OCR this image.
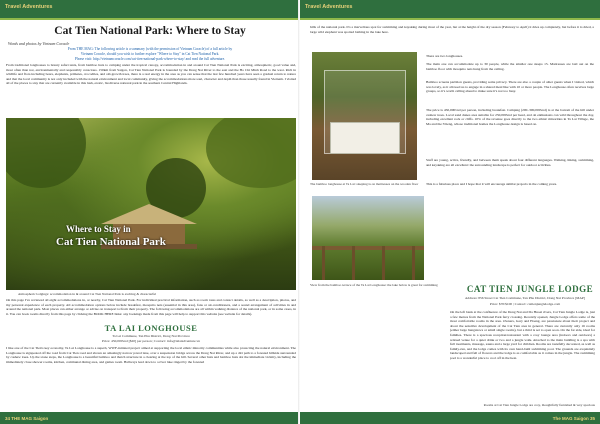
Travel Adventures
Cat Tien National Park: Where to Stay
Words and photos by Vietnam Coracle
From THE MAG: The following article is a summary (with the permission of Vietnam Coracle) of a full article by
Vietnam Coracle, should you wish to further explore "Where to Stay" in Cat Tien National Park.
Please visit: http://vietnamcoracle.com/cat-tien-national-park-where-to-stay/ and read the full adventure.
From traditional longhouses to luxury safari tents, from bamboo huts to camping under the tropical canopy, accommodation in and around Cat Tien National Park is exciting, atmospheric, good value and, most often than not, environmentally and responsibly conscious. 150km from Saigon, Cat Tien National Park is bounded by the Dong Nai River to the east and the Ho Chi Minh Road to the west. Rich in wildlife and flora including bears, elephants, primates, crocodiles, and old-growth trees, there is a real energy in the area as you can sense that the last few hundred years have seen a gradual return to nature and that the local community is not only included with the natural environment and local community, giving the accommodations more soul, character and depth than those usually found in Vietnam. I visited all of the places to stay that are currently available in this lush, exotic, biodiverse national park in the southern Central Highlands.
Where to Stay in
Cat Tien National Park
Atmospheric lodgings: accommodation in & around Cat Tien National Park is exciting & characterful
On this page I've reviewed all eight accommodations in, or nearby, Cat Tien National Park. For individual practical information, such as room rates and contact details, as well as a description, photos, and my personal experience of each property. All accommodation options below include breakfast, mosquito nets (essential in this area), fans or air-conditioners, and a sound arrangement of activities in and around the national park. Most places can either arrange or advise on transport to/from their property. The following accommodations are all within walking distance of the national park, or in some cases, in it. You can book rooms directly from this page by clicking the BOOK HERE links: any bookings made from this page will help to support this website (see website for details).
TA LAI LONGHOUSE
Ta Lai Commune, Tan Phu District, Dong Nai Province
Price: 450,000vnd [$20] per person | Contact: info@talaiadventure.vn
I like one of the Cat Tien's key economy, Ta Lai Longhouse is a superb, WWF-initiated project aimed at supporting the local ethnic minority communities while also protecting the natural environment. The Longhouse is signposted off the road from Cat Tien road and shown an amazingly narrow paved lane, over a suspension bridge across the Dong Nai River, and up a dirt path to a forested hillside surrounded by cashew trees. Up the stone steps, the Longhouse is a beautiful bamboo and thatch structure in a clearing at the top of the hill. Several other huts and bamboo huts dot the immediate vicinity, including the immediately close shower rooms, kitchen, communal dining area, and games room. Hallways lead down to a river lake ringed by the forested
34 THE MAG Saigon
Travel Adventures
hills of the national park. It's a marvellous spot for swimming and kayaking during most of the year, but at the height of the dry season (February to April) it dries up completely, but before it is dried, a large wild elephant was spotted bathing in the lake here.
The bamboo longhouse at Ta Lai: sleeping is on mattresses on the wooden floor
There are two longhouses.
The main one can accommodate up to 30 people, while the smaller one sleeps 15. Mattresses are laid out on the bamboo floor with mosquito nets hung from the ceiling.
Bamboo screens partition guests, providing some privacy. There are also a couple of other guests when I visited, which was lovely, as it allowed us to engage in a shared meal like with 10 or more people. The Longhouse often receives large groups, so it's worth calling ahead to make sure it's not too busy.
The price is 450,000vnd per person, including breakfast. Camping (200–300,000vnd) is at the bottom of the hill under cashew trees. Local sand dunes area suitable for 250,000vnd per head, and oh enthusiasts can wild throughout the day, including excellent rock or cliffs. 10% of the revenue goes directly to the two ethnic minorities in Ta Lai Village, the Ma and the S'tieng, whose traditional homes the Longhouse design is based on.
Staff are young, active, friendly, and between them speak about four different languages. Walking, hiking, swimming, and kayaking are all excellent: the surrounding landscape is perfect for outdoor activities.
This is a fabulous place and I hope that it will encourage similar projects in the coming years.
View from the bamboo terrace of the Ta Lai Longhouse: the lake below is great for swimming	CAT TIEN JUNGLE LODGE
Address: 856 Street Cat Tien Commune, Tan Phu District, Dong Nai Province [MAP]
Price: $70/$100 | Contact: cattienjunglelodge.com
On the left bank at the confluence of the Dong Nai and Da Huoai rivers, Cat Tien Jungle Lodge is, just a few metres from the National Park ferry crossing. Recently opened, Jungle Lodge offers some of the most comfortable rooms in the area. Owners, Gary and Hoang, are passionate about their project and about the sensitive development of the Cat Tien area in general. There are currently only 16 rooms (either large bungalows or small single rooms), but a third is set to open soon. On the far side, ideal for families. There is a spacious reception/restaurant with a cosy lounge area (indoors and outdoors) a relaxed venue for a quiet drink or two and a jungle walk. Attached to the main building is a spa with full treatments, massage, sauna and a large yard for children. Rooms are tastefully decorated, as well as family-run, and the lodge comes with its own hand-built swimming pool. The grounds are exquisitely landscaped and full of flowers and the lodge is as comfortable as it comes in the jungle. The swimming pool is a wonderful place to cool off in the heat.
Rooms at Cat Tien Jungle Lodge are cosy, thoughtfully furnished & very spacious
The MAG Saigon 35
